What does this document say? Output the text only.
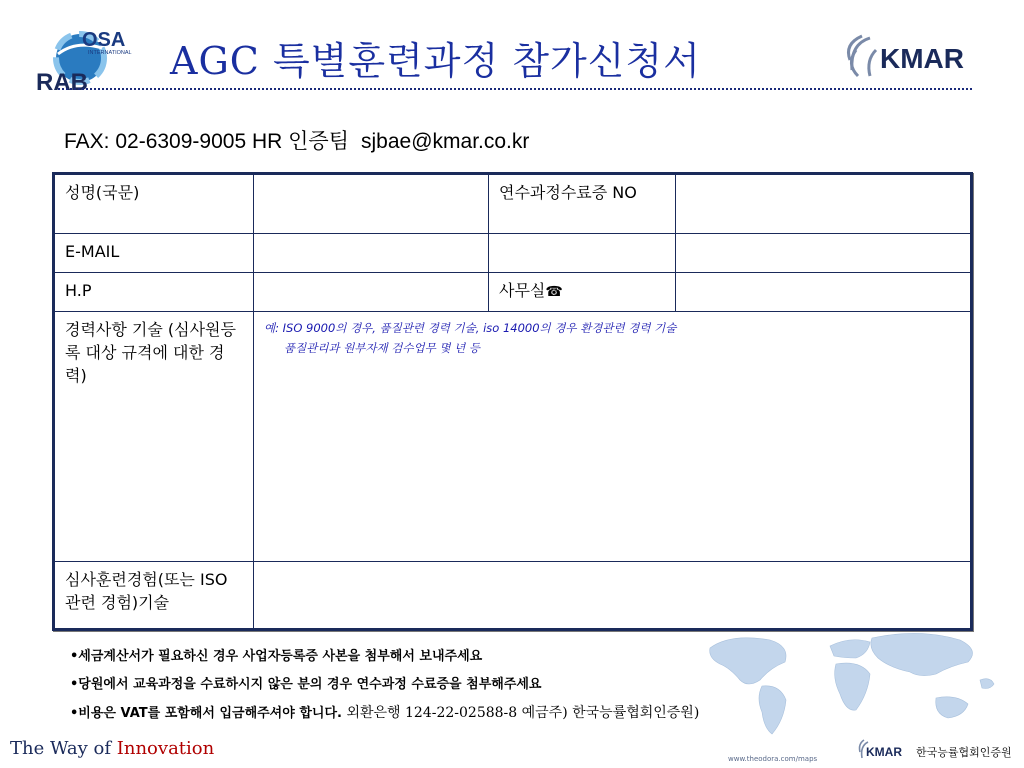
OSA
INTERNATIONAL
RAB AGC 특별훈련과정 참가신청서	KMAR
FAX: 02-6309-9005 HR 인증팀 sjbae@kmar.co.kr
성명(국문)		연수과정수료증 NO	
E-MAIL			
H.P		사무실☎	
경력사항 기술 (심사원등록 대상 규격에 대한 경력)	예: ISO 9000의 경우, 품질관련 경력 기술, iso 14000의 경우 환경관련 경력 기술
품질관리과 원부자재 검수업무 몇 년 등		

심사훈련경험(또는 ISO 관련 경험)기술			
www.theodora.com/maps
•세금계산서가 필요하신 경우 사업자등록증 사본을 첨부해서 보내주세요
•당원에서 교육과정을 수료하시지 않은 분의 경우 연수과정 수료증을 첨부해주세요
•비용은 VAT를 포함해서 입금해주셔야 합니다. 외환은행 124-22-02588-8 예금주) 한국능률협회인증원)
The Way of Innovation	KMAR 한국능률협회인증원
